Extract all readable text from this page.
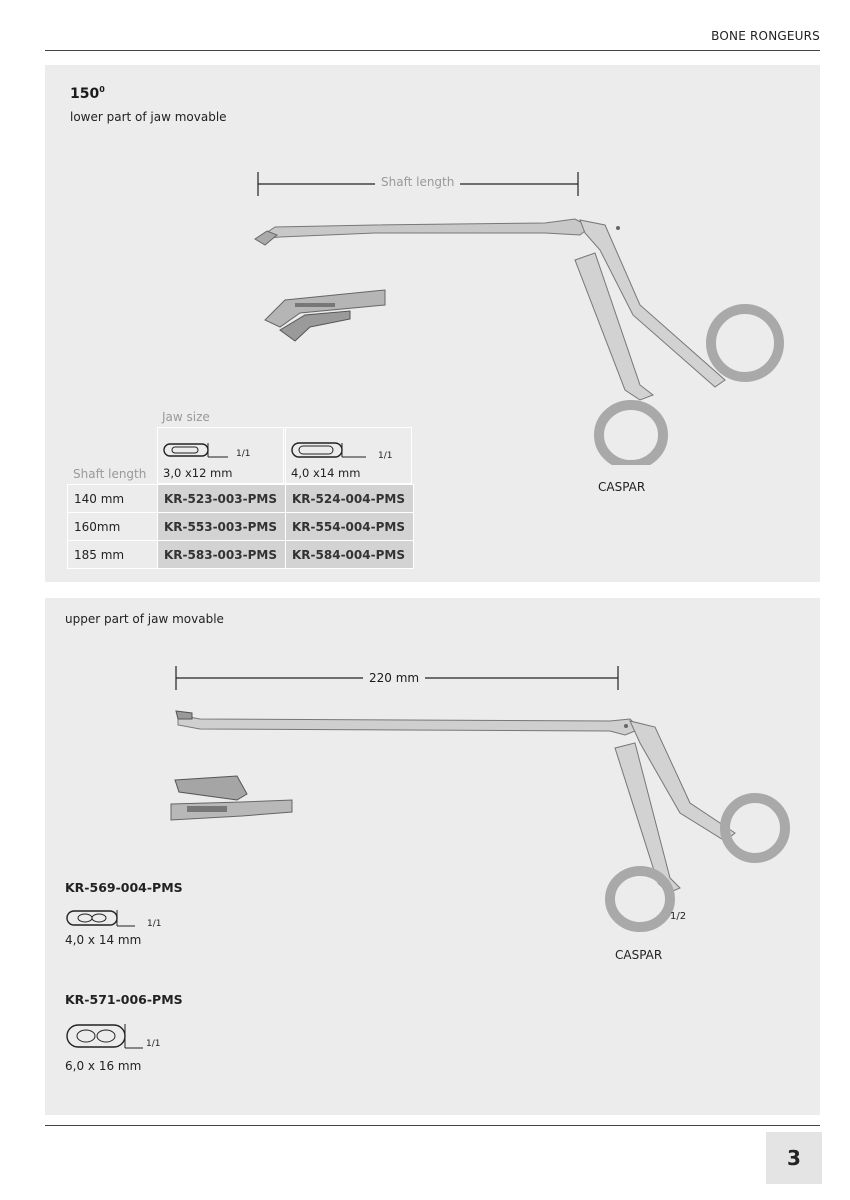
BONE RONGEURS
$150^0$
lower part of jaw movable
Shaft length
Jaw size
Shaft length
1/1
3,0 x12 mm
1/1
4,0 x14 mm
140 mm	KR-523-003-PMS	KR-524-004-PMS
160mm	KR-553-003-PMS	KR-554-004-PMS
185 mm	KR-583-003-PMS	KR-584-004-PMS
CASPAR
upper part of jaw movable
220 mm
KR-569-004-PMS
1/1
4,0 x 14 mm
KR-571-006-PMS
1/1
6,0 x 16 mm
1/2
CASPAR
3
